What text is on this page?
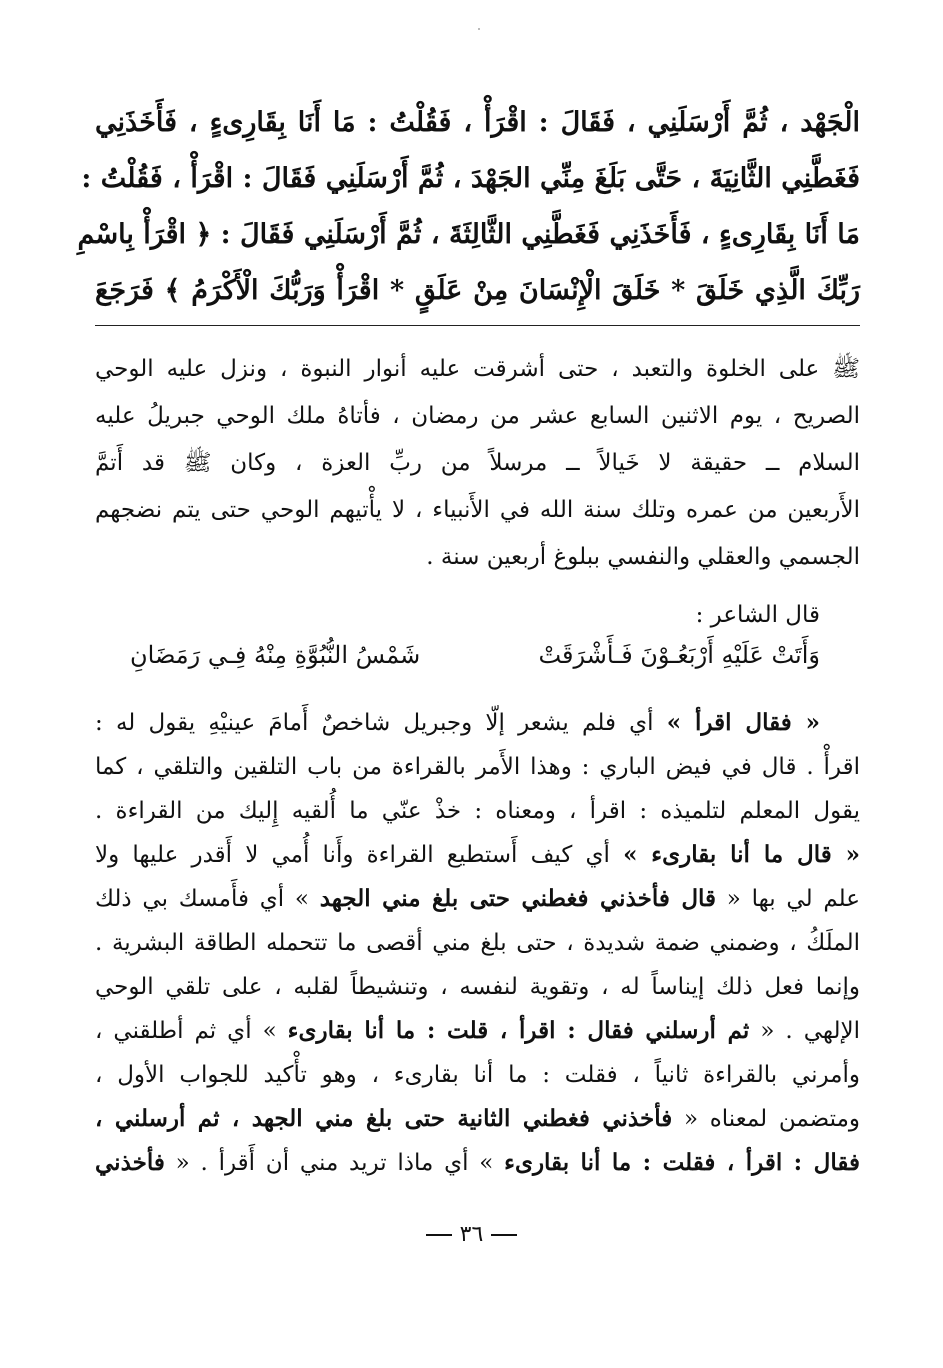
الْجَهْد ، ثُمَّ أَرْسَلَنِي ، فَقَالَ : اقْرَأْ ، فَقُلْتُ : مَا أَنَا بِقَارِىءٍ ، فَأَخَذَنِي

فَغَطَّنِي الثَّانِيَةَ ، حَتَّى بَلَغَ مِنِّي الجَهْدَ ، ثُمَّ أَرْسَلَنِي فَقَالَ : اقْرَأْ ، فَقُلْتُ :

مَا أَنَا بِقَارِىءٍ ، فَأَخَذَنِي فَغَطَّنِي الثَّالِثَةَ ، ثُمَّ أَرْسَلَنِي فَقَالَ : ﴿ اقْرَأْ بِاسْمِ

رَبِّكَ الَّذِي خَلَقَ * خَلَقَ الْإِنْسَانَ مِنْ عَلَقٍ * اقْرَأْ وَرَبُّكَ الْأَكْرَمُ ﴾ فَرَجَعَ

ﷺ على الخلوة والتعبد ، حتى أشرقت عليه أنوار النبوة ، ونزل عليه الوحي

الصريح ، يوم الاثنين السابع عشر من رمضان ، فأتاهُ ملك الوحي جبريلُ عليه

السلام ــ حقيقة لا خَيالاً ــ مرسلاً من ربِّ العزة ، وكان ﷺ قد أَتمَّ

الأَربعين من عمره وتلك سنة الله في الأَنبياء ، لا يأْتيهم الوحي حتى يتم نضجهم

الجسمي والعقلي والنفسي ببلوغ أربعين سنة .

قال الشاعر :
وَأَتَتْ عَلَيْهِ أَرْبَعُـوْنَ فَـأَشْرَقَتْ
شَمْسُ النُّبُوَّةِ مِنْهُ فِـي رَمَضَانِ

« فقال اقرأ » أي فلم يشعر إلّا وجبريل شاخصٌ أَمامَ عينيْهِ يقول له :

اقرأْ . قال في فيض الباري : وهذا الأَمر بالقراءة من باب التلقين والتلقي ، كما

يقول المعلم لتلميذه : اقرأ ، ومعناه : خذْ عنّي ما أُلقيه إِليك من القراءة .

« قال ما أنا بقارىء » أي كيف أَستطيع القراءة وأَنا أُمي لا أَقدر عليها ولا

علم لي بها « قال فأخذني فغطني حتى بلغ مني الجهد » أي فأَمسك بي ذلك

الملَكُ ، وضمني ضمة شديدة ، حتى بلغ مني أقصى ما تتحمله الطاقة البشرية .

وإنما فعل ذلك إيناساً له ، وتقوية لنفسه ، وتنشيطاً لقلبه ، على تلقي الوحي

الإلهي . « ثم أرسلني فقال : اقرأ ، قلت : ما أنا بقارىء » أي ثم أطلقني ،

وأمرني بالقراءة ثانياً ، فقلت : ما أنا بقارىء ، وهو تأْكيد للجواب الأول ،

ومتضمن لمعناه « فأخذني فغطني الثانية حتى بلغ مني الجهد ، ثم أرسلني ،

فقال : اقرأ ، فقلت : ما أنا بقارىء » أي ماذا تريد مني أن أَقرأ . « فأخذني

٣٦
